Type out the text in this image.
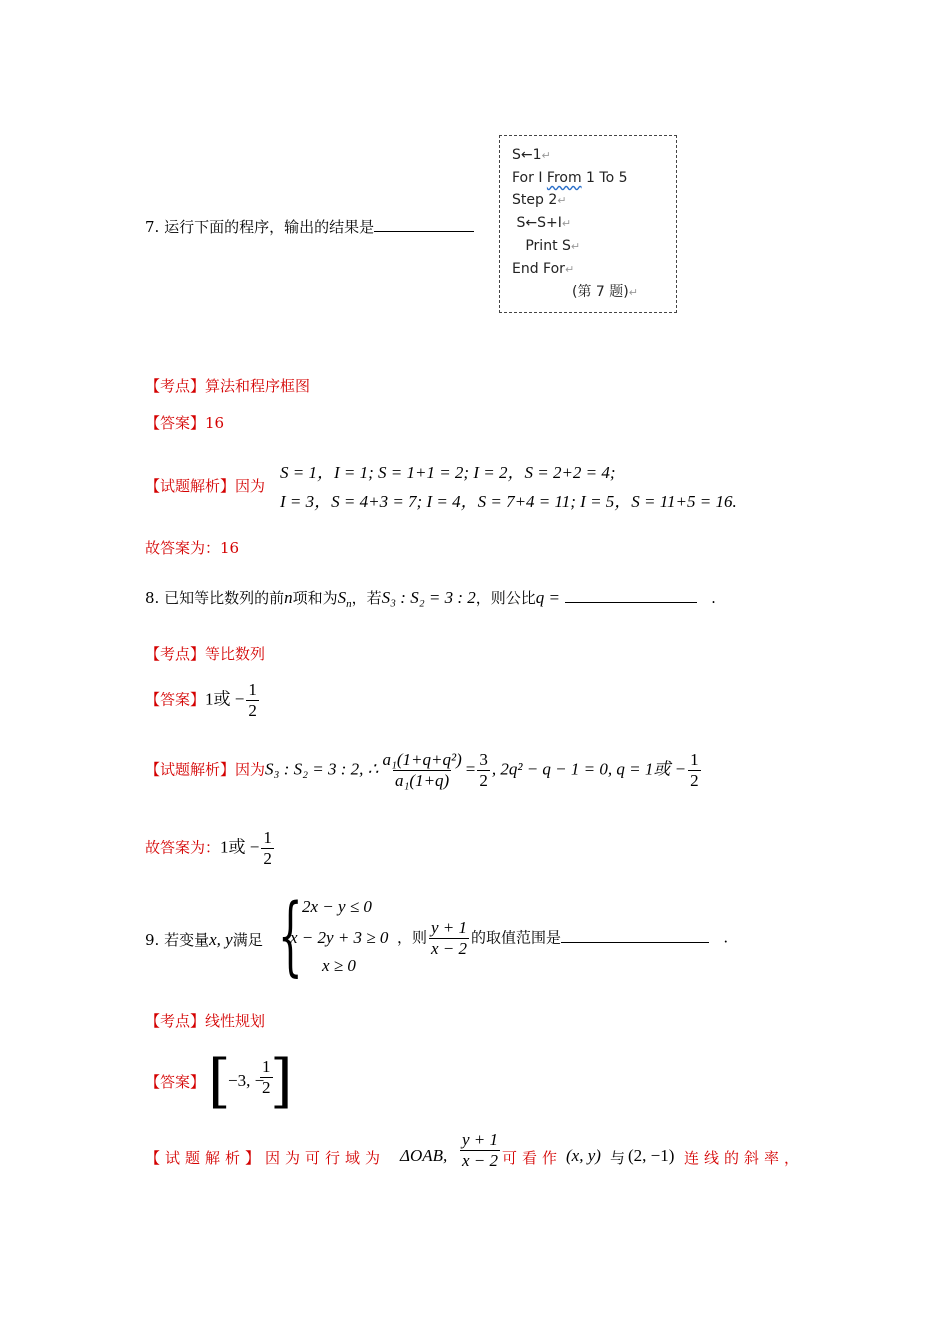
7. 运行下面的程序，输出的结果是
S←1↵
For I From 1 To 5
Step 2↵
S←S+I↵
Print S↵
End For↵
(第 7 题)↵
【考点】算法和程序框图
【答案】16
【试题解析】因为
S = 1，I = 1; S = 1+1 = 2; I = 2，S = 2+2 = 4;
I = 3，S = 4+3 = 7; I = 4，S = 7+4 = 11; I = 5，S = 11+5 = 16.
故答案为：16
8. 已知等比数列的前n项和为$S_n$，若S₃ : S₂ = 3 : 2，则公比q =	.
【考点】等比数列
【答案】1或 − $\frac{1}{2}$
【试题解析】因为S₃ : S₂ = 3 : 2, ∴ $\frac{\text{a₁(1+q+q²)}}{\text{a₁(1+q)}} = \frac{3}{2}$ , 2q² − q − 1 = 0, q = 1或 − $\frac{1}{2}$
故答案为：1或 − $\frac{1}{2}$
9. 若变量x, y满足 { 2x − y ≤ 0
x − 2y + 3 ≥ 0
x ≥ 0
，则 $\frac{y + 1}{x - 2}$ 的取值范围是	.
【考点】线性规划
【答案】 [
−3, −
$\frac{1}{2}$
]
【试题解析】因为可行域为 ΔOAB, $\frac{y + 1}{x - 2}$ 可看作 (x, y) 与 (2, −1) 连线的斜率，
